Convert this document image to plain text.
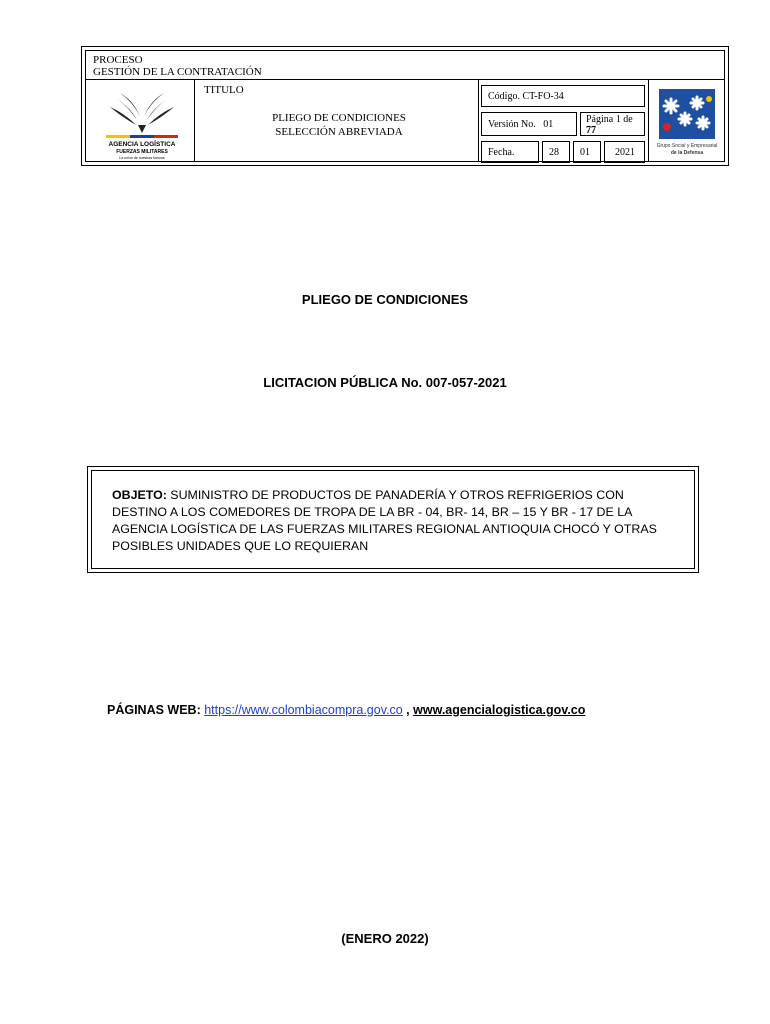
PROCESO
GESTIÓN DE LA CONTRATACIÓN
AGENCIA LOGÍSTICA
FUERZAS MILITARES
La unión de nuestras fuerzas
TITULO
PLIEGO DE CONDICIONES
SELECCIÓN ABREVIADA
Código. CT-FO-34
Versión No. 01	Página 1 de
77
Fecha.	28	01	2021
Grupo Social y Empresarial
de la Defensa
PLIEGO DE CONDICIONES
LICITACION PÚBLICA No. 007-057-2021
OBJETO: SUMINISTRO DE PRODUCTOS DE PANADERÍA Y OTROS REFRIGERIOS CON DESTINO A LOS COMEDORES DE TROPA DE LA BR - 04, BR- 14, BR – 15 Y BR - 17 DE LA AGENCIA LOGÍSTICA DE LAS FUERZAS MILITARES REGIONAL ANTIOQUIA CHOCÓ Y OTRAS POSIBLES UNIDADES QUE LO REQUIERAN
PÁGINAS WEB: https://www.colombiacompra.gov.co , www.agencialogistica.gov.co
(ENERO 2022)
